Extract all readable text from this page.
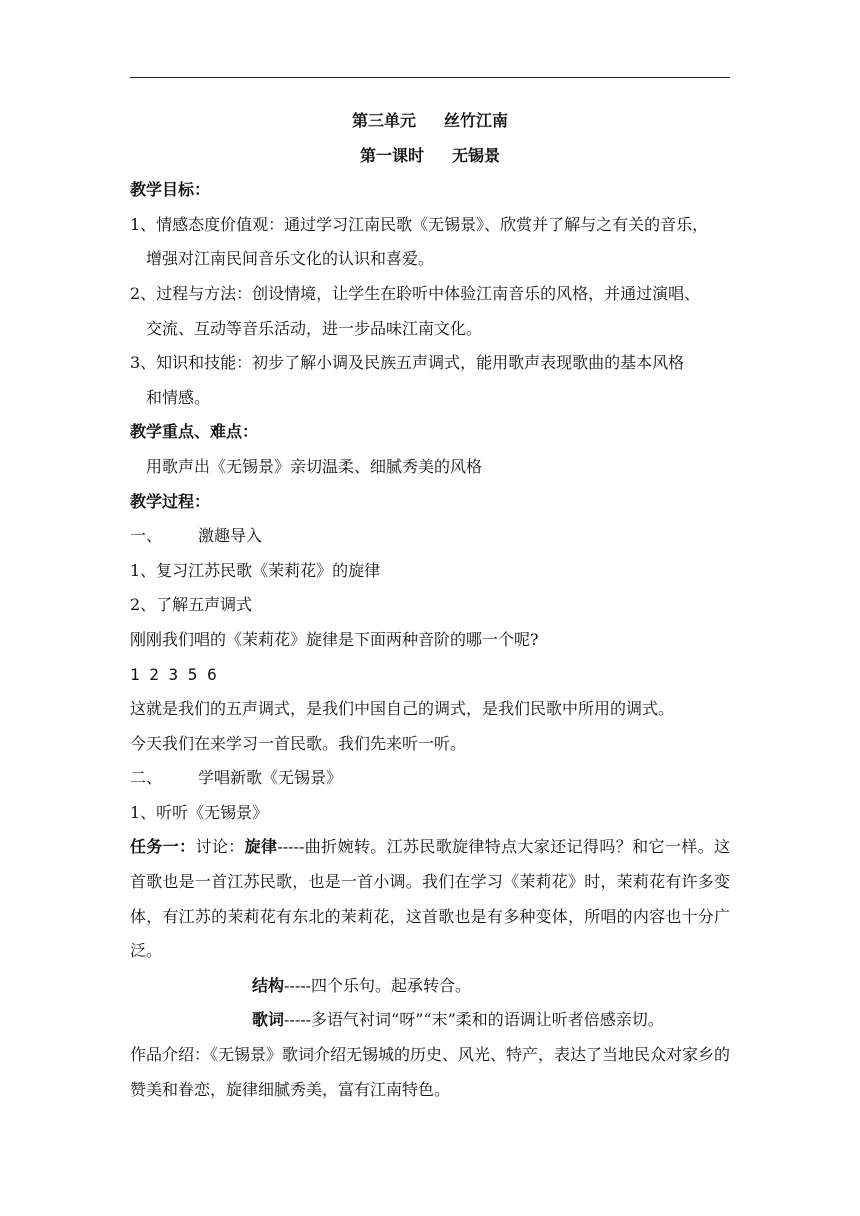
第三单元 丝竹江南

第一课时 无锡景

教学目标：

1、情感态度价值观：通过学习江南民歌《无锡景》、欣赏并了解与之有关的音乐，

增强对江南民间音乐文化的认识和喜爱。

2、过程与方法：创设情境，让学生在聆听中体验江南音乐的风格，并通过演唱、

交流、互动等音乐活动，进一步品味江南文化。

3、知识和技能：初步了解小调及民族五声调式，能用歌声表现歌曲的基本风格

和情感。

教学重点、难点：

用歌声出《无锡景》亲切温柔、细腻秀美的风格

教学过程：

一、 激趣导入

1、复习江苏民歌《茉莉花》的旋律

2、了解五声调式

刚刚我们唱的《茉莉花》旋律是下面两种音阶的哪一个呢?

1 2 3 5 6

这就是我们的五声调式，是我们中国自己的调式，是我们民歌中所用的调式。

今天我们在来学习一首民歌。我们先来听一听。

二、 学唱新歌《无锡景》

1、听听《无锡景》

任务一：讨论：旋律-----曲折婉转。江苏民歌旋律特点大家还记得吗？和它一样。这首歌也是一首江苏民歌，也是一首小调。我们在学习《茉莉花》时，茉莉花有许多变体，有江苏的茉莉花有东北的茉莉花，这首歌也是有多种变体，所唱的内容也十分广泛。

结构-----四个乐句。起承转合。

歌词-----多语气衬词“呀”“末”柔和的语调让听者倍感亲切。

作品介绍：《无锡景》歌词介绍无锡城的历史、风光、特产，表达了当地民众对家乡的赞美和眷恋，旋律细腻秀美，富有江南特色。
